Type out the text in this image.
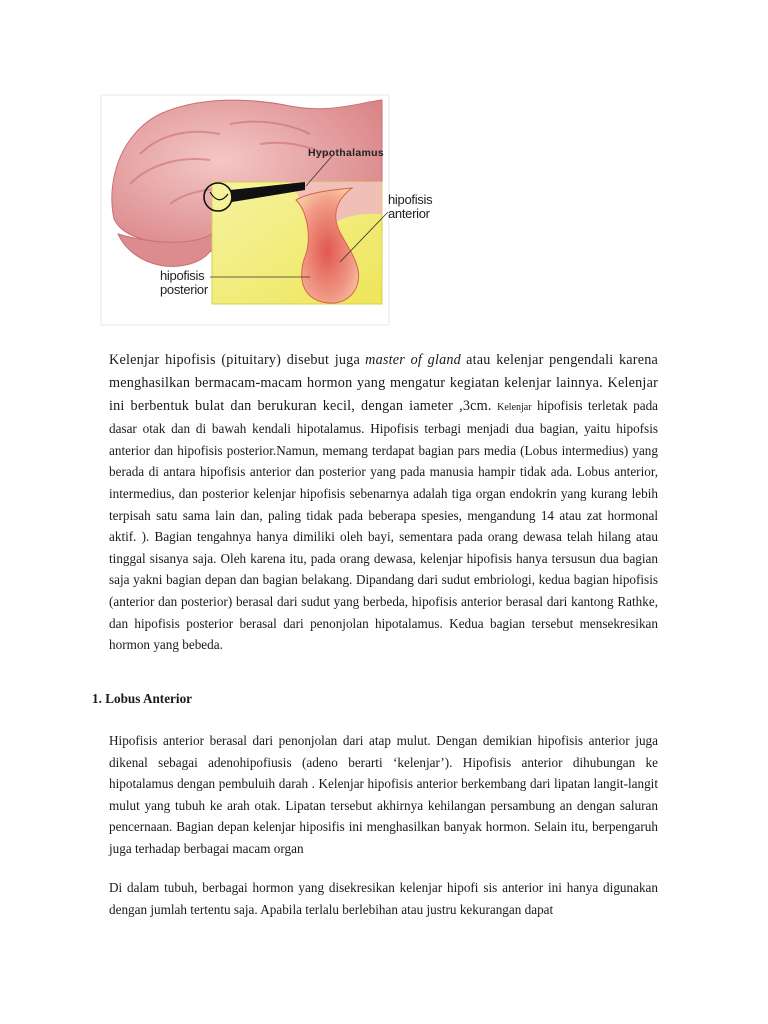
Hypothalamus
hipofisis
anterior
hipofisis
posterior

Kelenjar hipofisis (pituitary) disebut juga master of gland atau kelenjar pengendali karena menghasilkan bermacam-macam hormon yang mengatur kegiatan kelenjar lainnya. Kelenjar ini berbentuk bulat dan berukuran kecil, dengan iameter ,3cm. Kelenjar hipofisis terletak pada dasar otak dan di bawah kendali hipotalamus. Hipofisis terbagi menjadi dua bagian, yaitu hipofsis anterior dan hipofisis posterior.Namun, memang terdapat bagian pars media (Lobus intermedius) yang berada di antara hipofisis anterior dan posterior yang pada manusia hampir tidak ada. Lobus anterior, intermedius, dan posterior kelenjar hipofisis sebenarnya adalah tiga organ endokrin yang kurang lebih terpisah satu sama lain dan, paling tidak pada beberapa spesies, mengandung 14 atau zat hormonal aktif. ). Bagian tengahnya hanya dimiliki oleh bayi, sementara pada orang dewasa telah hilang atau tinggal sisanya saja. Oleh karena itu, pada orang dewasa, kelenjar hipofisis hanya tersusun dua bagian saja yakni bagian depan dan bagian belakang. Dipandang dari sudut embriologi, kedua bagian hipofisis (anterior dan posterior) berasal dari sudut yang berbeda, hipofisis anterior berasal dari kantong Rathke, dan hipofisis posterior berasal dari penonjolan hipotalamus. Kedua bagian tersebut mensekresikan hormon yang bebeda.

1. Lobus Anterior

Hipofisis anterior berasal dari penonjolan dari atap mulut. Dengan demikian hipofisis anterior juga dikenal sebagai adenohipofiusis (adeno berarti ‘kelenjar’). Hipofisis anterior dihubungan ke hipotalamus dengan pembuluih darah . Kelenjar hipofisis anterior berkembang dari lipatan langit-langit mulut yang tubuh ke arah otak. Lipatan tersebut akhirnya kehilangan persambung an dengan saluran pencernaan. Bagian depan kelenjar hiposifis ini menghasilkan banyak hormon. Selain itu, berpengaruh juga terhadap berbagai macam organ

Di dalam tubuh, berbagai hormon yang disekresikan kelenjar hipofi sis anterior ini hanya digunakan dengan jumlah tertentu saja. Apabila terlalu berlebihan atau justru kekurangan dapat
